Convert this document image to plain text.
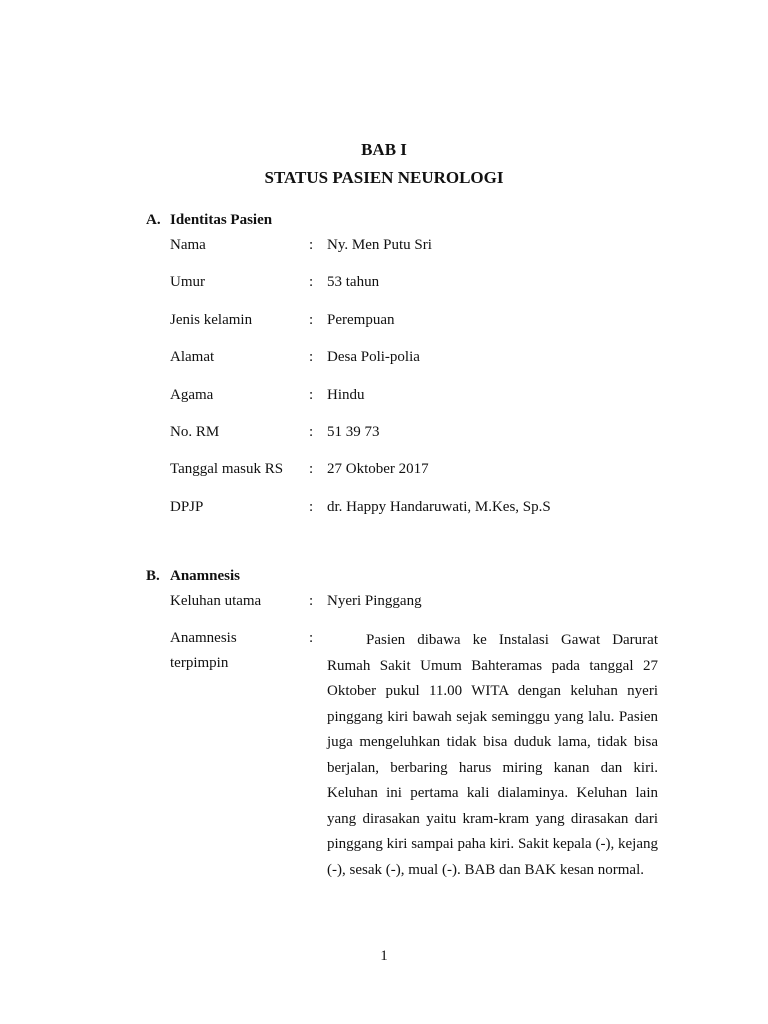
BAB I
STATUS PASIEN NEUROLOGI
A. Identitas Pasien
Nama	: Ny. Men Putu Sri
Umur	: 53 tahun
Jenis kelamin	: Perempuan
Alamat	: Desa Poli-polia
Agama	: Hindu
No. RM	: 51 39 73
Tanggal masuk RS : 27 Oktober 2017
DPJP	: dr. Happy Handaruwati, M.Kes, Sp.S
B. Anamnesis
Keluhan utama	: Nyeri Pinggang
Anamnesis
terpimpin
:	Pasien dibawa ke Instalasi Gawat Darurat Rumah Sakit Umum Bahteramas pada tanggal 27 Oktober pukul 11.00 WITA dengan keluhan nyeri pinggang kiri bawah sejak seminggu yang lalu. Pasien juga mengeluhkan tidak bisa duduk lama, tidak bisa berjalan, berbaring harus miring kanan dan kiri. Keluhan ini pertama kali dialaminya. Keluhan lain yang dirasakan yaitu kram-kram yang dirasakan dari pinggang kiri sampai paha kiri. Sakit kepala (-), kejang (-), sesak (-), mual (-). BAB dan BAK kesan normal.
1
